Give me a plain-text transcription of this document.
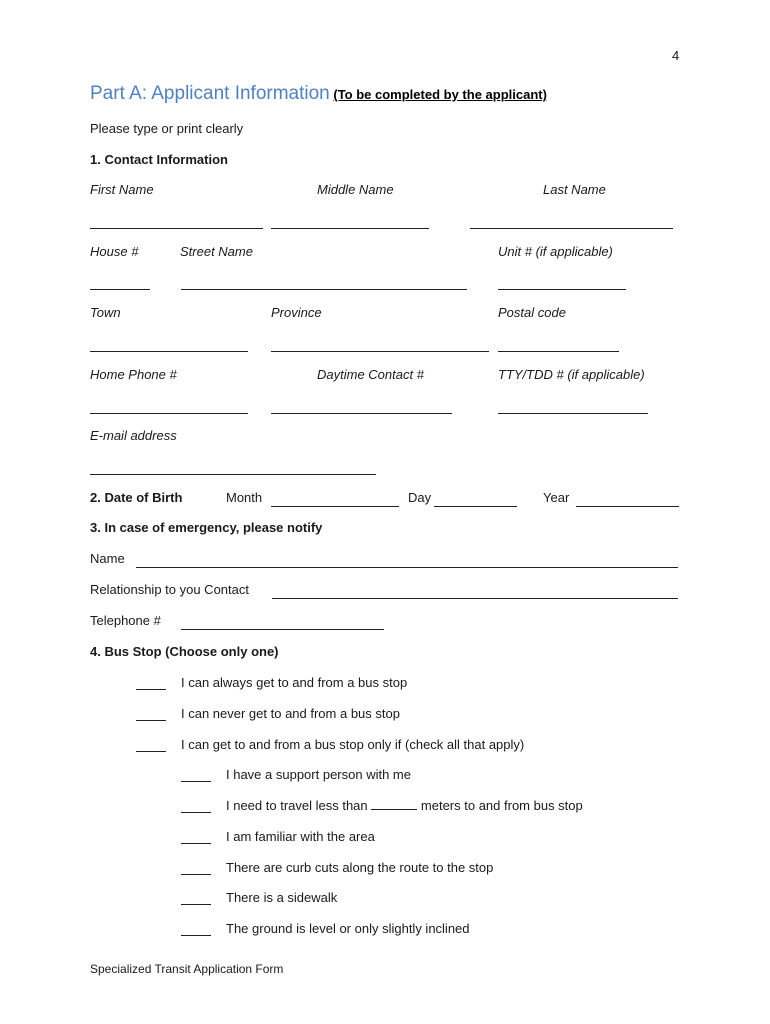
4
Part A: Applicant Information (To be completed by the applicant)
Please type or print clearly
1. Contact Information
First Name	Middle Name	Last Name
House #	Street Name	Unit # (if applicable)
Town	Province	Postal code
Home Phone #	Daytime Contact #	TTY/TDD # (if applicable)
E-mail address
2. Date of Birth	Month	Day	Year
3. In case of emergency, please notify
Name
Relationship to you Contact
Telephone #
4. Bus Stop (Choose only one)
I can always get to and from a bus stop
I can never get to and from a bus stop
I can get to and from a bus stop only if (check all that apply)
I have a support person with me
I need to travel less than	meters to and from bus stop
I am familiar with the area
There are curb cuts along the route to the stop
There is a sidewalk
The ground is level or only slightly inclined
Specialized Transit Application Form
